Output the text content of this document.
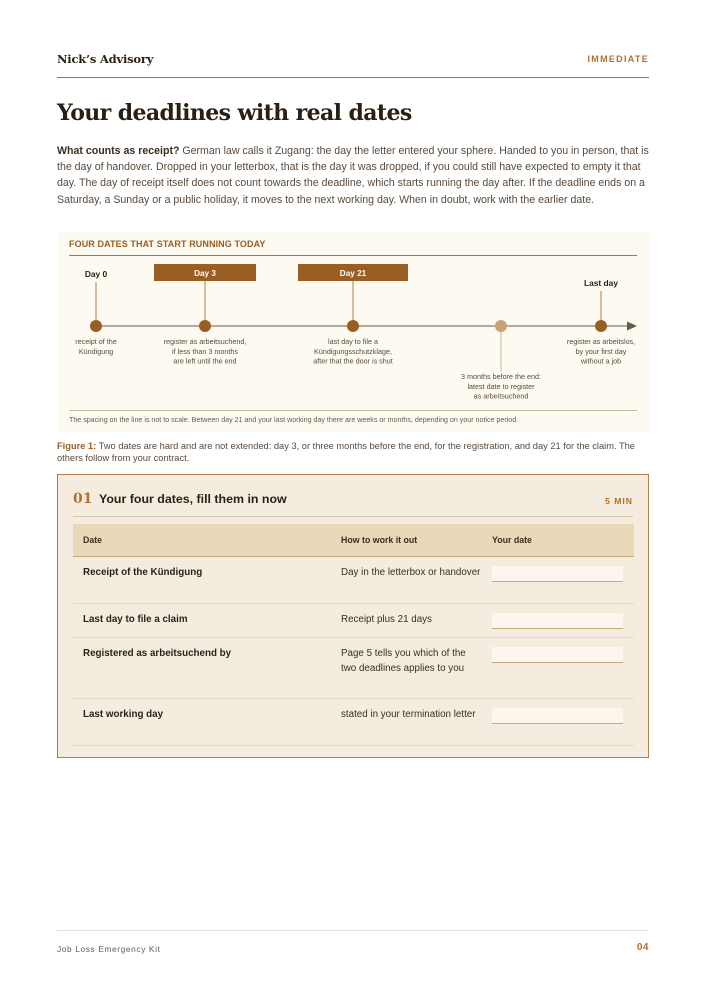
Nick’s Advisory	IMMEDIATE
Your deadlines with real dates

What counts as receipt? German law calls it Zugang: the day the letter entered your sphere. Handed to you in person, that is the day of handover. Dropped in your letterbox, that is the day it was dropped, if you could still have expected to empty it that day. The day of receipt itself does not count towards the deadline, which starts running the day after. If the deadline ends on a Saturday, a Sunday or a public holiday, it moves to the next working day. When in doubt, work with the earlier date.

FOUR DATES THAT START RUNNING TODAY
Day 0
receipt of the
Kündigung
Day 3
register as arbeitsuchend,
if less than 3 months
are left until the end
Day 21
last day to file a
Kündigungsschutzklage,
after that the door is shut
3 months before the end:
latest date to register
as arbeitsuchend
Last day
register as arbeitslos,
by your first day
without a job
The spacing on the line is not to scale. Between day 21 and your last working day there are weeks or months, depending on your notice period.

Figure 1: Two dates are hard and are not extended: day 3, or three months before the end, for the registration, and day 21 for the claim. The others follow from your contract.

01 Your four dates, fill them in now	5 MIN
Date	How to work it out	Your date
Receipt of the Kündigung	Day in the letterbox or handover
Last day to file a claim	Receipt plus 21 days
Registered as arbeitsuchend by	Page 5 tells you which of the two deadlines applies to you
Last working day	stated in your termination letter
Job Loss Emergency Kit	04
